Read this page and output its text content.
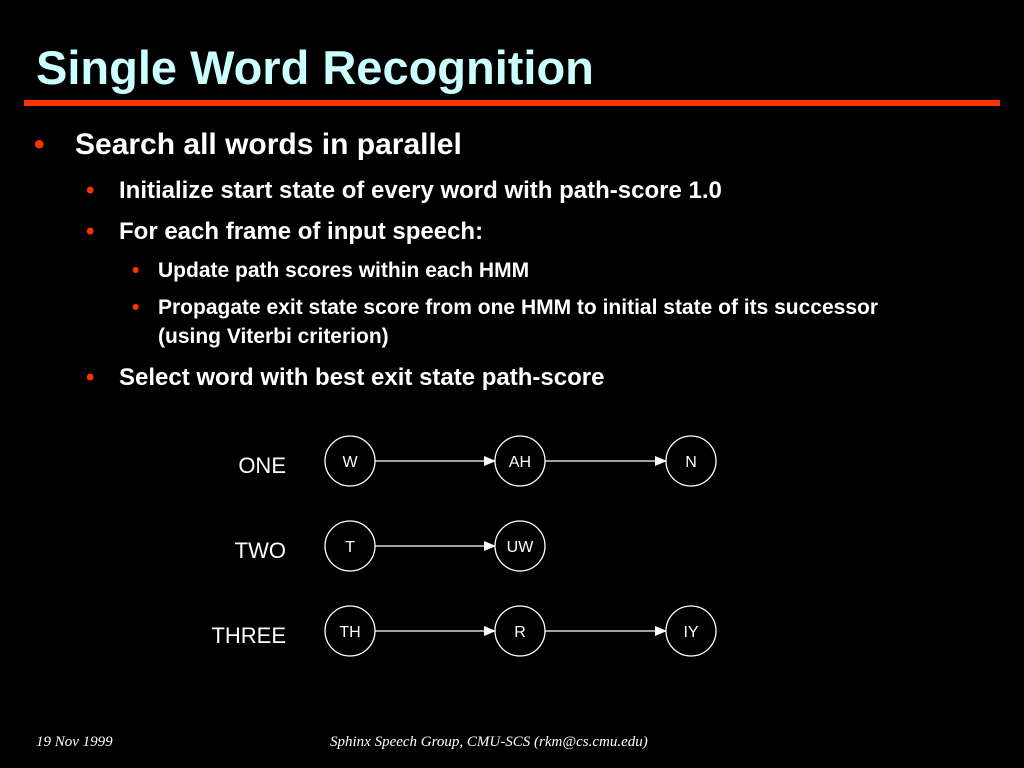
Single Word Recognition
• Search all words in parallel
• Initialize start state of every word with path-score 1.0
• For each frame of input speech:
• Update path scores within each HMM
• Propagate exit state score from one HMM to initial state of its successor (using Viterbi criterion)
• Select word with best exit state path-score
ONE	W	AH	N
TWO	T	UW
THREE	TH	R	IY
19 Nov 1999	Sphinx Speech Group, CMU-SCS (rkm@cs.cmu.edu)
